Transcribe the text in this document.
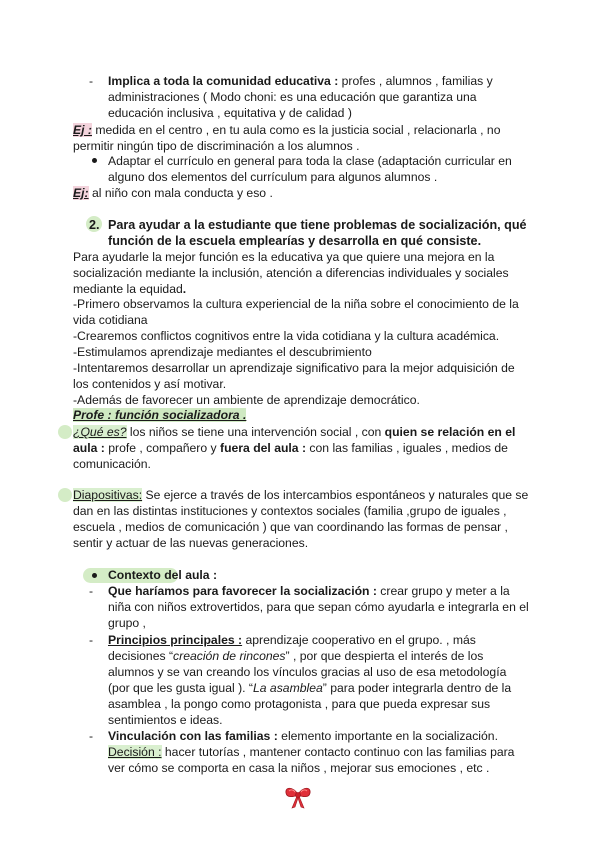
- Implica a toda la comunidad educativa : profes , alumnos , familias y
administraciones ( Modo choni: es una educación que garantiza una
educación inclusiva , equitativa y de calidad )
Ej : medida en el centro , en tu aula como es la justicia social , relacionarla , no
permitir ningún tipo de discriminación a los alumnos .
Adaptar el currículo en general para toda la clase (adaptación curricular en
alguno dos elementos del currículum para algunos alumnos .
Ej: al niño con mala conducta y eso .
2. Para ayudar a la estudiante que tiene problemas de socialización, qué
función de la escuela emplearías y desarrolla en qué consiste.
Para ayudarle la mejor función es la educativa ya que quiere una mejora en la
socialización mediante la inclusión, atención a diferencias individuales y sociales
mediante la equidad.
-Primero observamos la cultura experiencial de la niña sobre el conocimiento de la
vida cotidiana
-Crearemos conflictos cognitivos entre la vida cotidiana y la cultura académica.
-Estimulamos aprendizaje mediantes el descubrimiento
-Intentaremos desarrollar un aprendizaje significativo para la mejor adquisición de
los contenidos y así motivar.
-Además de favorecer un ambiente de aprendizaje democrático.
Profe : función socializadora .
¿Qué es? los niños se tiene una intervención social , con quien se relación en el
aula : profe , compañero y fuera del aula : con las familias , iguales , medios de
comunicación.
Diapositivas: Se ejerce a través de los intercambios espontáneos y naturales que se
dan en las distintas instituciones y contextos sociales (familia ,grupo de iguales ,
escuela , medios de comunicación ) que van coordinando las formas de pensar ,
sentir y actuar de las nuevas generaciones.
Contexto del aula :
- Que haríamos para favorecer la socialización : crear grupo y meter a la
niña con niños extrovertidos, para que sepan cómo ayudarla e integrarla en el
grupo ,
- Principios principales : aprendizaje cooperativo en el grupo. , más
decisiones “creación de rincones” , por que despierta el interés de los
alumnos y se van creando los vínculos gracias al uso de esa metodología
(por que les gusta igual ). “La asamblea” para poder integrarla dentro de la
asamblea , la pongo como protagonista , para que pueda expresar sus
sentimientos e ideas.
- Vinculación con las familias : elemento importante en la socialización.
Decisión : hacer tutorías , mantener contacto continuo con las familias para
ver cómo se comporta en casa la niños , mejorar sus emociones , etc .
